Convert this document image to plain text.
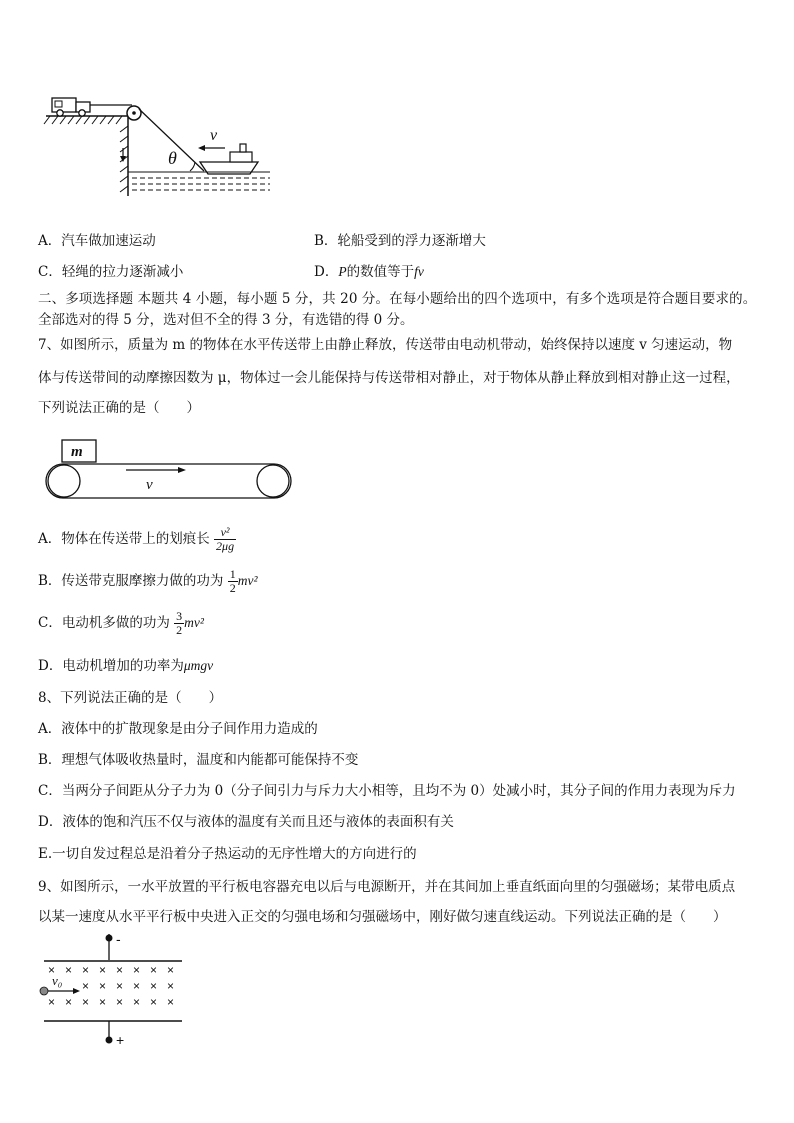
θ
v
A．汽车做加速运动	B．轮船受到的浮力逐渐增大
C．轻绳的拉力逐渐减小	D．P的数值等于fv
二、多项选择题 本题共 4 小题，每小题 5 分，共 20 分。在每小题给出的四个选项中，有多个选项是符合题目要求的。
全部选对的得 5 分，选对但不全的得 3 分，有选错的得 0 分。
7、如图所示，质量为 m 的物体在水平传送带上由静止释放，传送带由电动机带动，始终保持以速度 v 匀速运动，物
体与传送带间的动摩擦因数为 μ，物体过一会儿能保持与传送带相对静止，对于物体从静止释放到相对静止这一过程，
下列说法正确的是（　　）
m
v
A．物体在传送带上的划痕长 $\frac{\text{v²}}{2\mu g}$
B．传送带克服摩擦力做的功为 $\frac{1}{2} mv^2$
C．电动机多做的功为 $\frac{3}{2} mv^2$
D．电动机增加的功率为μmgv
8、下列说法正确的是（　　）
A．液体中的扩散现象是由分子间作用力造成的
B．理想气体吸收热量时，温度和内能都可能保持不变
C．当两分子间距从分子力为 0（分子间引力与斥力大小相等，且均不为 0）处减小时，其分子间的作用力表现为斥力
D．液体的饱和汽压不仅与液体的温度有关而且还与液体的表面积有关
E.一切自发过程总是沿着分子热运动的无序性增大的方向进行的
9、如图所示，一水平放置的平行板电容器充电以后与电源断开，并在其间加上垂直纸面向里的匀强磁场；某带电质点
以某一速度从水平平行板中央进入正交的匀强电场和匀强磁场中，刚好做匀速直线运动。下列说法正确的是（　　）
-
+
× × × × × × × ×
× × × × × ×
× × × × × × × ×
v₀
